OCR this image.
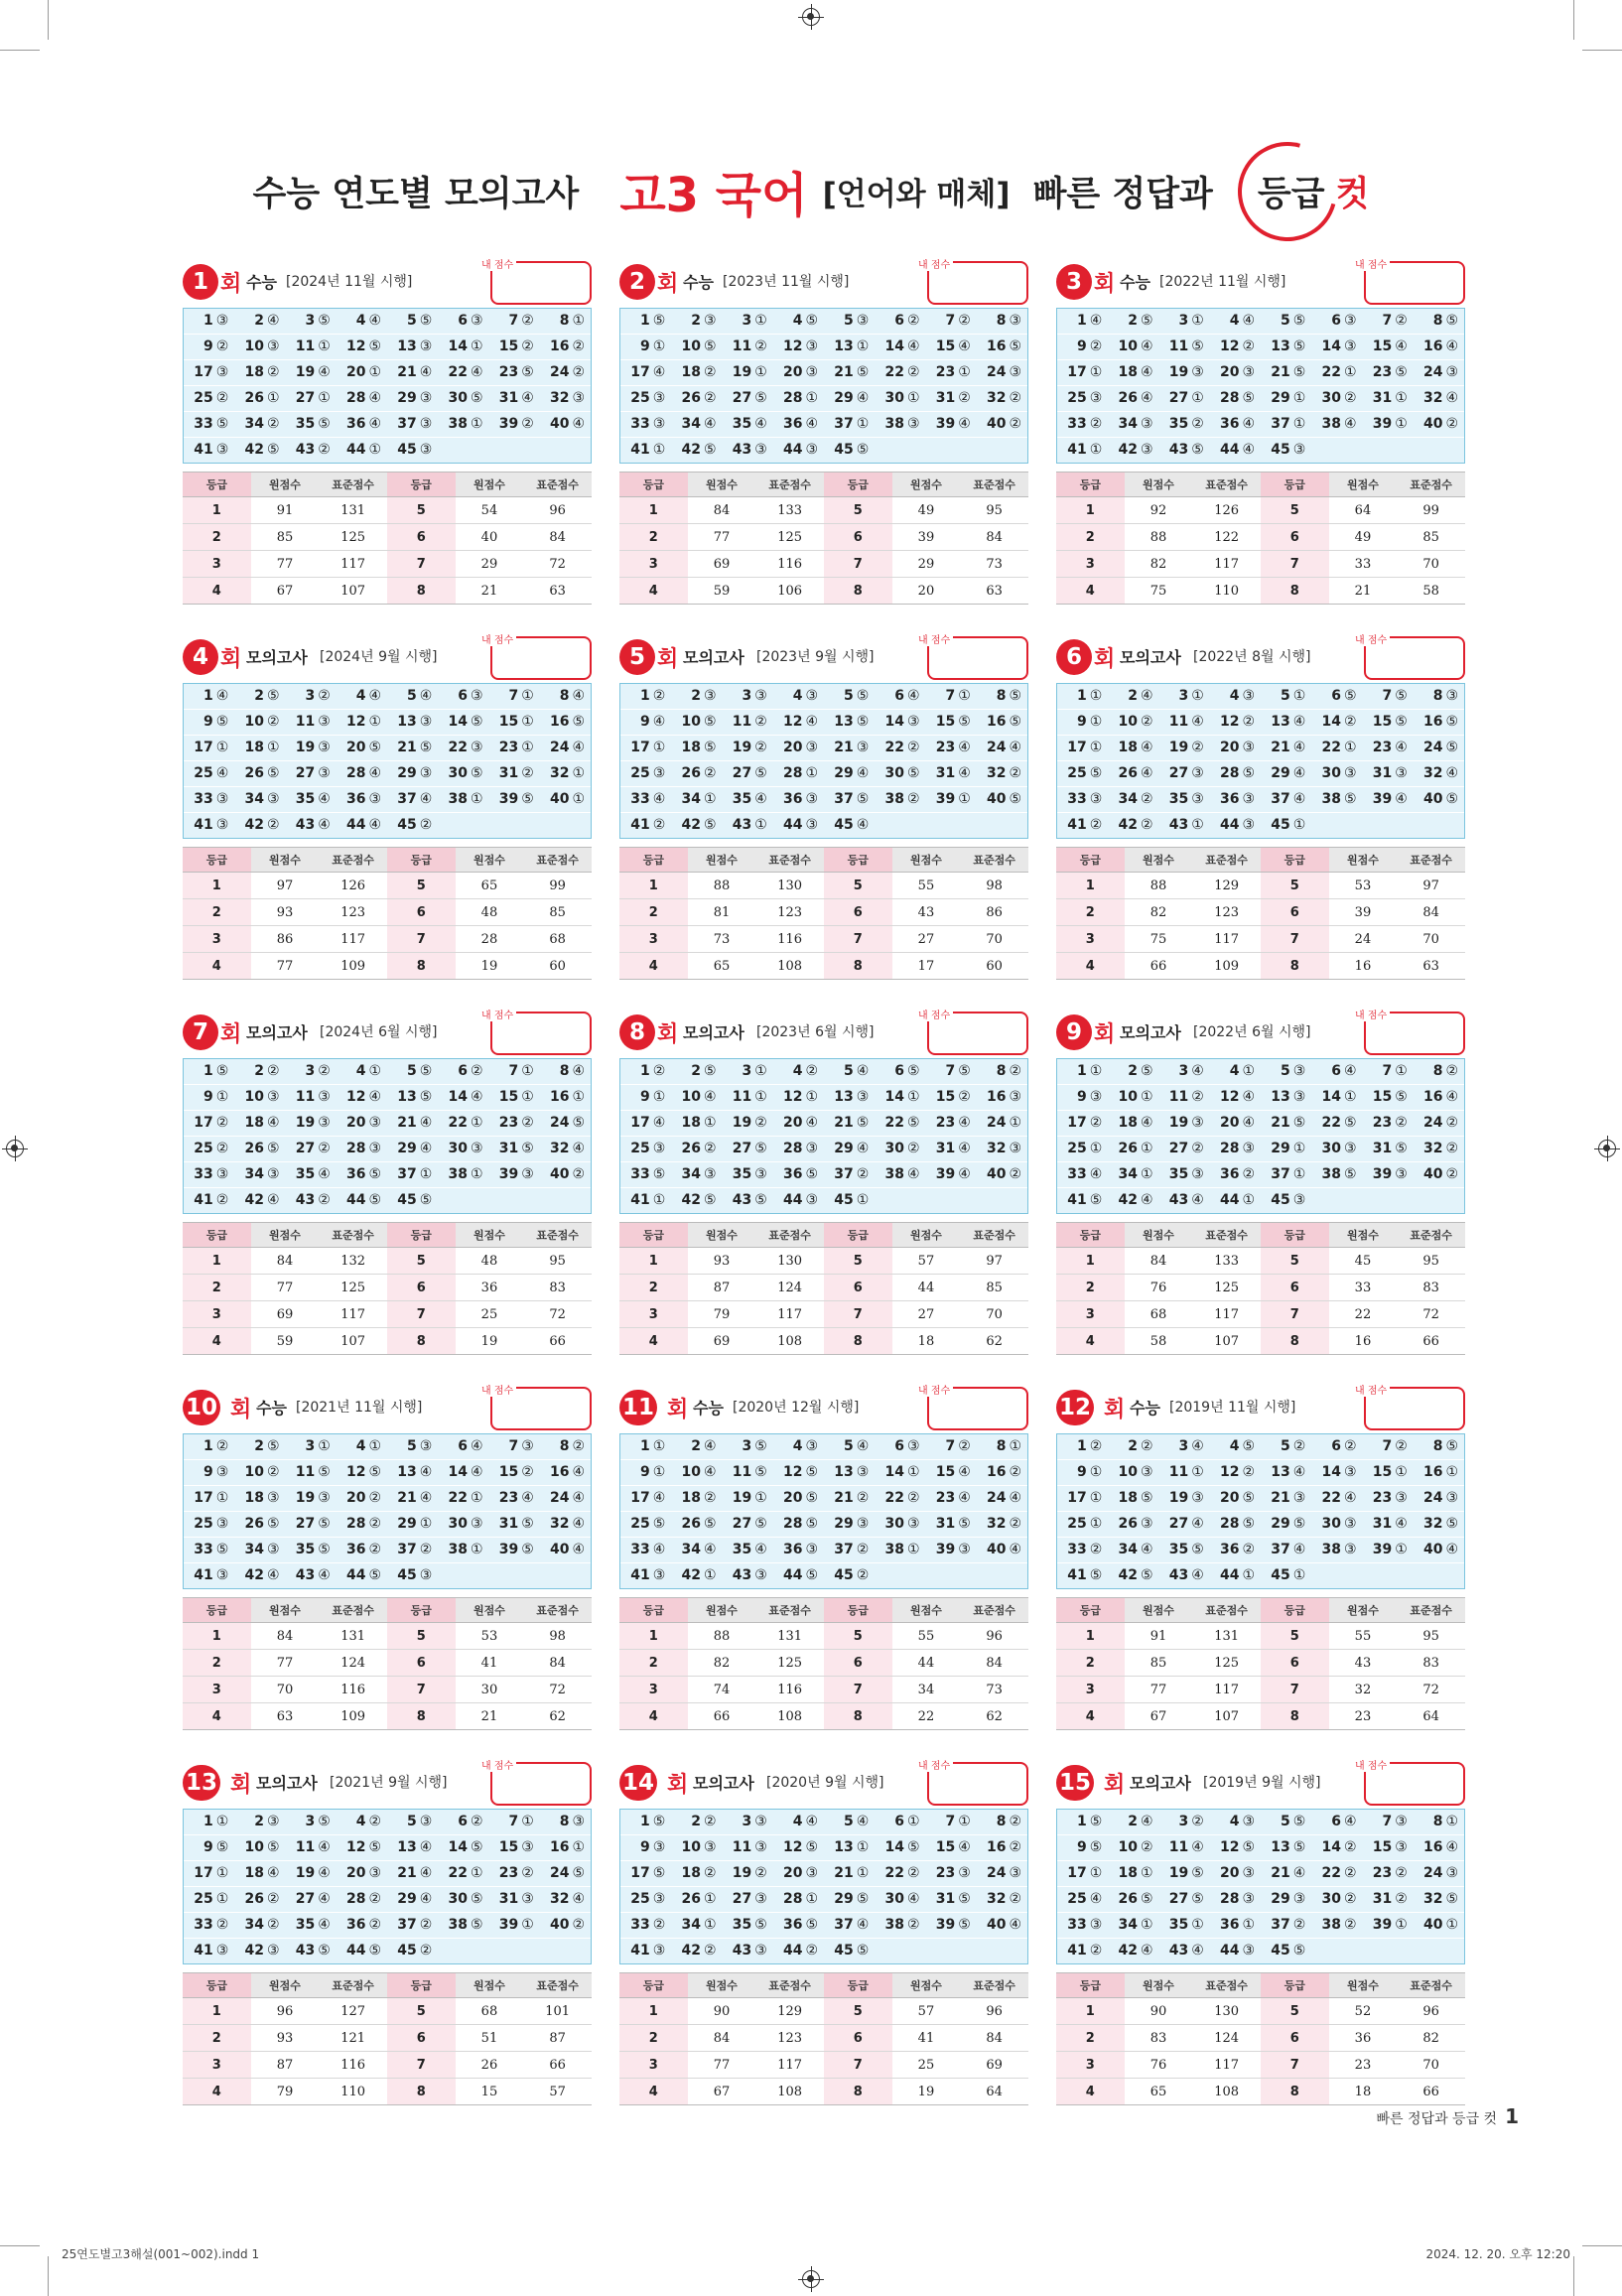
수능 연도별 모의고사 고3 국어 [언어와 매체] 빠른 정답과 등급 컷
1 회 수능 [2024년 11월 시행]
내 점수
1 ③	2 ④	3 ⑤	4 ④	5 ⑤	6 ③	7 ②	8 ①
9 ②	10 ③	11 ①	12 ⑤	13 ③	14 ①	15 ②	16 ②
17 ③	18 ②	19 ④	20 ①	21 ④	22 ④	23 ⑤	24 ②
25 ②	26 ①	27 ①	28 ④	29 ③	30 ⑤	31 ④	32 ③
33 ⑤	34 ②	35 ⑤	36 ④	37 ③	38 ①	39 ②	40 ④
41 ③	42 ⑤	43 ②	44 ①	45 ③
등급	원점수	표준점수	등급	원점수	표준점수
1	91	131	5	54	96
2	85	125	6	40	84
3	77	117	7	29	72
4	67	107	8	21	63
2 회 수능 [2023년 11월 시행]
내 점수
1 ⑤	2 ③	3 ①	4 ⑤	5 ③	6 ②	7 ②	8 ③
9 ①	10 ⑤	11 ②	12 ③	13 ①	14 ④	15 ④	16 ⑤
17 ④	18 ②	19 ①	20 ③	21 ⑤	22 ②	23 ①	24 ③
25 ③	26 ②	27 ⑤	28 ①	29 ④	30 ①	31 ②	32 ②
33 ③	34 ④	35 ④	36 ④	37 ①	38 ③	39 ④	40 ②
41 ①	42 ⑤	43 ③	44 ③	45 ⑤
등급	원점수	표준점수	등급	원점수	표준점수
1	84	133	5	49	95
2	77	125	6	39	84
3	69	116	7	29	73
4	59	106	8	20	63
3 회 수능 [2022년 11월 시행]
내 점수
1 ④	2 ⑤	3 ①	4 ④	5 ⑤	6 ③	7 ②	8 ⑤
9 ②	10 ④	11 ⑤	12 ②	13 ⑤	14 ③	15 ④	16 ④
17 ①	18 ④	19 ③	20 ③	21 ⑤	22 ①	23 ⑤	24 ③
25 ③	26 ④	27 ①	28 ⑤	29 ①	30 ②	31 ①	32 ④
33 ②	34 ③	35 ②	36 ④	37 ①	38 ④	39 ①	40 ②
41 ①	42 ③	43 ⑤	44 ④	45 ③
등급	원점수	표준점수	등급	원점수	표준점수
1	92	126	5	64	99
2	88	122	6	49	85
3	82	117	7	33	70
4	75	110	8	21	58
4 회 모의고사 [2024년 9월 시행]
내 점수
1 ④	2 ⑤	3 ②	4 ④	5 ④	6 ③	7 ①	8 ④
9 ⑤	10 ②	11 ③	12 ①	13 ③	14 ⑤	15 ①	16 ⑤
17 ①	18 ①	19 ③	20 ⑤	21 ⑤	22 ③	23 ①	24 ④
25 ④	26 ⑤	27 ③	28 ④	29 ③	30 ⑤	31 ②	32 ①
33 ③	34 ③	35 ④	36 ③	37 ④	38 ①	39 ⑤	40 ①
41 ③	42 ②	43 ④	44 ④	45 ②
등급	원점수	표준점수	등급	원점수	표준점수
1	97	126	5	65	99
2	93	123	6	48	85
3	86	117	7	28	68
4	77	109	8	19	60
5 회 모의고사 [2023년 9월 시행]
내 점수
1 ②	2 ③	3 ③	4 ③	5 ⑤	6 ④	7 ①	8 ⑤
9 ④	10 ⑤	11 ②	12 ④	13 ⑤	14 ③	15 ⑤	16 ⑤
17 ①	18 ⑤	19 ②	20 ③	21 ③	22 ②	23 ④	24 ④
25 ③	26 ②	27 ⑤	28 ①	29 ④	30 ⑤	31 ④	32 ②
33 ④	34 ①	35 ④	36 ③	37 ⑤	38 ②	39 ①	40 ⑤
41 ②	42 ⑤	43 ①	44 ③	45 ④
등급	원점수	표준점수	등급	원점수	표준점수
1	88	130	5	55	98
2	81	123	6	43	86
3	73	116	7	27	70
4	65	108	8	17	60
6 회 모의고사 [2022년 8월 시행]
내 점수
1 ①	2 ④	3 ①	4 ③	5 ①	6 ⑤	7 ⑤	8 ③
9 ①	10 ②	11 ④	12 ②	13 ④	14 ②	15 ⑤	16 ⑤
17 ①	18 ④	19 ②	20 ③	21 ④	22 ①	23 ④	24 ⑤
25 ⑤	26 ④	27 ③	28 ⑤	29 ④	30 ③	31 ③	32 ④
33 ③	34 ②	35 ③	36 ③	37 ④	38 ⑤	39 ④	40 ⑤
41 ②	42 ②	43 ①	44 ③	45 ①
등급	원점수	표준점수	등급	원점수	표준점수
1	88	129	5	53	97
2	82	123	6	39	84
3	75	117	7	24	70
4	66	109	8	16	63
7 회 모의고사 [2024년 6월 시행]
내 점수
1 ⑤	2 ②	3 ②	4 ①	5 ⑤	6 ②	7 ①	8 ④
9 ①	10 ③	11 ③	12 ④	13 ⑤	14 ④	15 ①	16 ①
17 ②	18 ④	19 ③	20 ③	21 ④	22 ①	23 ②	24 ⑤
25 ②	26 ⑤	27 ②	28 ③	29 ④	30 ③	31 ⑤	32 ④
33 ③	34 ③	35 ④	36 ⑤	37 ①	38 ①	39 ③	40 ②
41 ②	42 ④	43 ②	44 ⑤	45 ⑤
등급	원점수	표준점수	등급	원점수	표준점수
1	84	132	5	48	95
2	77	125	6	36	83
3	69	117	7	25	72
4	59	107	8	19	66
8 회 모의고사 [2023년 6월 시행]
내 점수
1 ②	2 ⑤	3 ①	4 ②	5 ④	6 ⑤	7 ⑤	8 ②
9 ①	10 ④	11 ①	12 ①	13 ③	14 ①	15 ②	16 ③
17 ④	18 ①	19 ②	20 ④	21 ⑤	22 ⑤	23 ④	24 ①
25 ③	26 ②	27 ⑤	28 ③	29 ④	30 ②	31 ④	32 ③
33 ⑤	34 ③	35 ③	36 ⑤	37 ②	38 ④	39 ④	40 ②
41 ①	42 ⑤	43 ⑤	44 ③	45 ①
등급	원점수	표준점수	등급	원점수	표준점수
1	93	130	5	57	97
2	87	124	6	44	85
3	79	117	7	27	70
4	69	108	8	18	62
9 회 모의고사 [2022년 6월 시행]
내 점수
1 ①	2 ⑤	3 ④	4 ①	5 ③	6 ④	7 ①	8 ②
9 ③	10 ①	11 ②	12 ④	13 ③	14 ①	15 ⑤	16 ④
17 ②	18 ④	19 ③	20 ④	21 ⑤	22 ⑤	23 ②	24 ②
25 ①	26 ①	27 ②	28 ③	29 ①	30 ③	31 ⑤	32 ②
33 ④	34 ①	35 ③	36 ②	37 ①	38 ⑤	39 ③	40 ②
41 ⑤	42 ④	43 ④	44 ①	45 ③
등급	원점수	표준점수	등급	원점수	표준점수
1	84	133	5	45	95
2	76	125	6	33	83
3	68	117	7	22	72
4	58	107	8	16	66
10 회 수능 [2021년 11월 시행]
내 점수
1 ②	2 ⑤	3 ①	4 ①	5 ③	6 ④	7 ③	8 ②
9 ③	10 ②	11 ⑤	12 ⑤	13 ④	14 ④	15 ②	16 ④
17 ①	18 ③	19 ③	20 ②	21 ④	22 ①	23 ④	24 ④
25 ③	26 ⑤	27 ⑤	28 ②	29 ①	30 ③	31 ⑤	32 ④
33 ⑤	34 ③	35 ⑤	36 ②	37 ②	38 ①	39 ⑤	40 ④
41 ③	42 ④	43 ④	44 ⑤	45 ③
등급	원점수	표준점수	등급	원점수	표준점수
1	84	131	5	53	98
2	77	124	6	41	84
3	70	116	7	30	72
4	63	109	8	21	62
11 회 수능 [2020년 12월 시행]
내 점수
1 ①	2 ④	3 ⑤	4 ③	5 ④	6 ③	7 ②	8 ①
9 ①	10 ④	11 ⑤	12 ⑤	13 ③	14 ①	15 ④	16 ②
17 ④	18 ②	19 ①	20 ⑤	21 ②	22 ②	23 ④	24 ④
25 ⑤	26 ⑤	27 ⑤	28 ⑤	29 ③	30 ③	31 ⑤	32 ②
33 ④	34 ④	35 ④	36 ③	37 ②	38 ①	39 ③	40 ④
41 ③	42 ①	43 ③	44 ⑤	45 ②
등급	원점수	표준점수	등급	원점수	표준점수
1	88	131	5	55	96
2	82	125	6	44	84
3	74	116	7	34	73
4	66	108	8	22	62
12 회 수능 [2019년 11월 시행]
내 점수
1 ②	2 ②	3 ④	4 ⑤	5 ②	6 ②	7 ②	8 ⑤
9 ①	10 ③	11 ①	12 ②	13 ④	14 ③	15 ①	16 ①
17 ①	18 ⑤	19 ③	20 ⑤	21 ③	22 ④	23 ③	24 ③
25 ①	26 ③	27 ④	28 ⑤	29 ⑤	30 ③	31 ④	32 ⑤
33 ②	34 ④	35 ⑤	36 ②	37 ④	38 ③	39 ①	40 ④
41 ⑤	42 ⑤	43 ④	44 ①	45 ①
등급	원점수	표준점수	등급	원점수	표준점수
1	91	131	5	55	95
2	85	125	6	43	83
3	77	117	7	32	72
4	67	107	8	23	64
13 회 모의고사 [2021년 9월 시행]
내 점수
1 ①	2 ③	3 ⑤	4 ②	5 ③	6 ②	7 ①	8 ③
9 ⑤	10 ⑤	11 ④	12 ⑤	13 ④	14 ⑤	15 ③	16 ①
17 ①	18 ④	19 ④	20 ③	21 ④	22 ①	23 ②	24 ⑤
25 ①	26 ②	27 ④	28 ②	29 ④	30 ⑤	31 ③	32 ④
33 ②	34 ②	35 ④	36 ②	37 ②	38 ⑤	39 ①	40 ②
41 ③	42 ③	43 ⑤	44 ⑤	45 ②
등급	원점수	표준점수	등급	원점수	표준점수
1	96	127	5	68	101
2	93	121	6	51	87
3	87	116	7	26	66
4	79	110	8	15	57
14 회 모의고사 [2020년 9월 시행]
내 점수
1 ⑤	2 ②	3 ③	4 ④	5 ④	6 ①	7 ①	8 ②
9 ③	10 ③	11 ③	12 ⑤	13 ①	14 ⑤	15 ④	16 ②
17 ⑤	18 ②	19 ②	20 ③	21 ①	22 ②	23 ③	24 ③
25 ③	26 ①	27 ③	28 ①	29 ⑤	30 ④	31 ⑤	32 ②
33 ②	34 ①	35 ⑤	36 ⑤	37 ④	38 ②	39 ⑤	40 ④
41 ③	42 ②	43 ③	44 ②	45 ⑤
등급	원점수	표준점수	등급	원점수	표준점수
1	90	129	5	57	96
2	84	123	6	41	84
3	77	117	7	25	69
4	67	108	8	19	64
15 회 모의고사 [2019년 9월 시행]
내 점수
1 ⑤	2 ④	3 ②	4 ③	5 ⑤	6 ④	7 ③	8 ①
9 ⑤	10 ②	11 ④	12 ⑤	13 ⑤	14 ②	15 ③	16 ④
17 ①	18 ①	19 ⑤	20 ③	21 ④	22 ②	23 ②	24 ③
25 ④	26 ⑤	27 ⑤	28 ③	29 ③	30 ②	31 ②	32 ⑤
33 ③	34 ①	35 ①	36 ①	37 ②	38 ②	39 ①	40 ①
41 ②	42 ④	43 ④	44 ③	45 ⑤
등급	원점수	표준점수	등급	원점수	표준점수
1	90	130	5	52	96
2	83	124	6	36	82
3	76	117	7	23	70
4	65	108	8	18	66
빠른 정답과 등급 컷 1
25연도별고3해설(001~002).indd 1	2024. 12. 20. 오후 12:20
